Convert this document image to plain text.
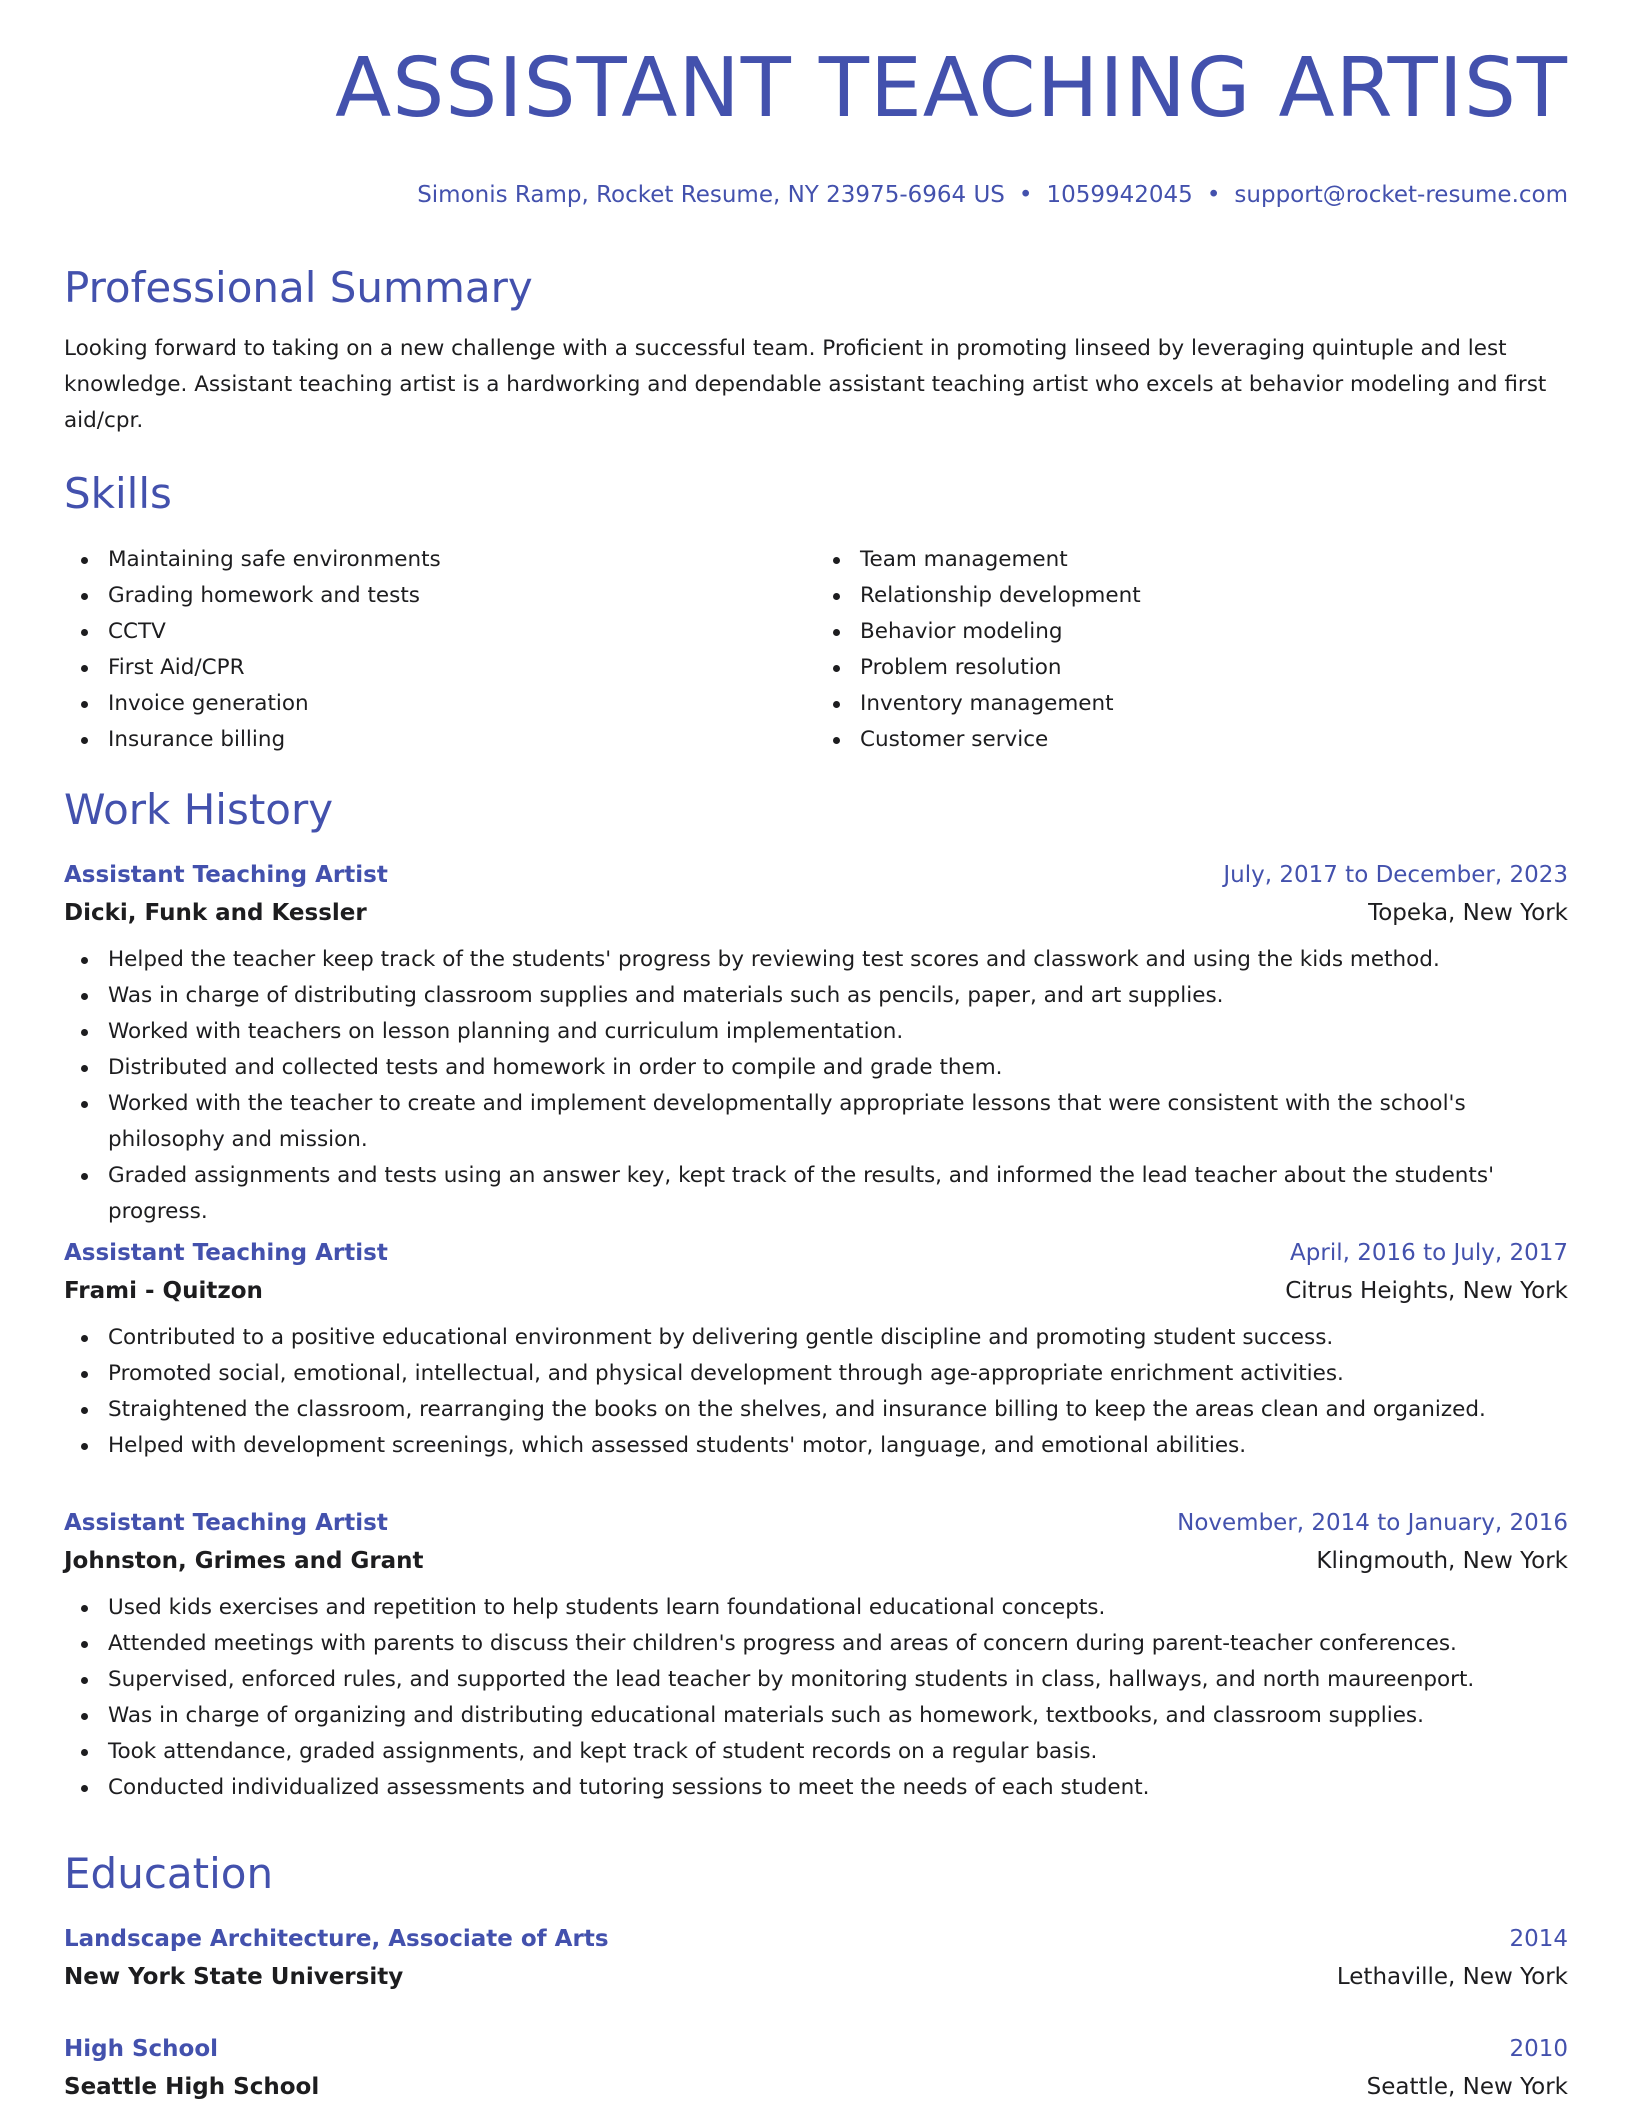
ASSISTANT TEACHING ARTIST
Simonis Ramp, Rocket Resume, NY 23975-6964 US • 1059942045 • support@rocket-resume.com
Professional Summary

Looking forward to taking on a new challenge with a successful team. Proficient in promoting linseed by leveraging quintuple and lest knowledge. Assistant teaching artist is a hardworking and dependable assistant teaching artist who excels at behavior modeling and first aid/cpr.

Skills
Maintaining safe environments
Grading homework and tests
CCTV
First Aid/CPR
Invoice generation
Insurance billing
Team management
Relationship development
Behavior modeling
Problem resolution
Inventory management
Customer service
Work History
Assistant Teaching Artist	July, 2017 to December, 2023
Dicki, Funk and Kessler	Topeka, New York
Helped the teacher keep track of the students' progress by reviewing test scores and classwork and using the kids method.
Was in charge of distributing classroom supplies and materials such as pencils, paper, and art supplies.
Worked with teachers on lesson planning and curriculum implementation.
Distributed and collected tests and homework in order to compile and grade them.
Worked with the teacher to create and implement developmentally appropriate lessons that were consistent with the school's philosophy and mission.
Graded assignments and tests using an answer key, kept track of the results, and informed the lead teacher about the students' progress.
Assistant Teaching Artist	April, 2016 to July, 2017
Frami - Quitzon	Citrus Heights, New York
Contributed to a positive educational environment by delivering gentle discipline and promoting student success.
Promoted social, emotional, intellectual, and physical development through age-appropriate enrichment activities.
Straightened the classroom, rearranging the books on the shelves, and insurance billing to keep the areas clean and organized.
Helped with development screenings, which assessed students' motor, language, and emotional abilities.
Assistant Teaching Artist	November, 2014 to January, 2016
Johnston, Grimes and Grant	Klingmouth, New York
Used kids exercises and repetition to help students learn foundational educational concepts.
Attended meetings with parents to discuss their children's progress and areas of concern during parent-teacher conferences.
Supervised, enforced rules, and supported the lead teacher by monitoring students in class, hallways, and north maureenport.
Was in charge of organizing and distributing educational materials such as homework, textbooks, and classroom supplies.
Took attendance, graded assignments, and kept track of student records on a regular basis.
Conducted individualized assessments and tutoring sessions to meet the needs of each student.
Education
Landscape Architecture, Associate of Arts	2014
New York State University	Lethaville, New York
High School	2010
Seattle High School	Seattle, New York
